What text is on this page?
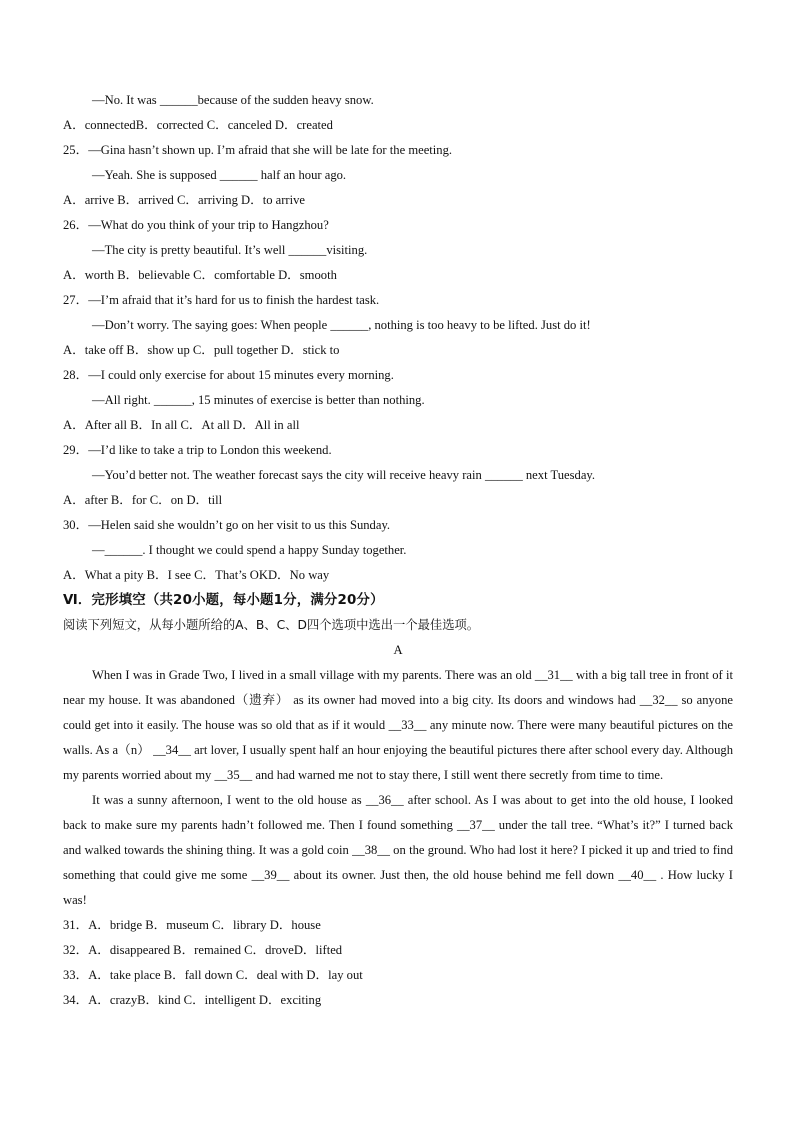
—No. It was ______because of the sudden heavy snow.
A．connectedB．corrected C．canceled D．created
25．—Gina hasn’t shown up. I’m afraid that she will be late for the meeting.
—Yeah. She is supposed ______ half an hour ago.
A．arrive B．arrived C．arriving D．to arrive
26．—What do you think of your trip to Hangzhou?
—The city is pretty beautiful. It’s well ______visiting.
A．worth B．believable C．comfortable D．smooth
27．—I’m afraid that it’s hard for us to finish the hardest task.
—Don’t worry. The saying goes: When people ______, nothing is too heavy to be lifted. Just do it!
A．take off B．show up C．pull together D．stick to
28．—I could only exercise for about 15 minutes every morning.
—All right. ______, 15 minutes of exercise is better than nothing.
A．After all B．In all C．At all D．All in all
29．—I’d like to take a trip to London this weekend.
—You’d better not. The weather forecast says the city will receive heavy rain ______ next Tuesday.
A．after B．for C．on D．till
30．—Helen said she wouldn’t go on her visit to us this Sunday.
—______. I thought we could spend a happy Sunday together.
A．What a pity B．I see C．That’s OKD．No way
Ⅵ．完形填空（共20小题，每小题1分，满分20分）
阅读下列短文，从每小题所给的A、B、C、D四个选项中选出一个最佳选项。
A

When I was in Grade Two, I lived in a small village with my parents. There was an old __31__ with a big tall tree in front of it near my house. It was abandoned（遗弃） as its owner had moved into a big city. Its doors and windows had __32__ so anyone could get into it easily. The house was so old that as if it would __33__ any minute now. There were many beautiful pictures on the walls. As a（n） __34__ art lover, I usually spent half an hour enjoying the beautiful pictures there after school every day. Although my parents worried about my __35__ and had warned me not to stay there, I still went there secretly from time to time.

It was a sunny afternoon, I went to the old house as __36__ after school. As I was about to get into the old house, I looked back to make sure my parents hadn’t followed me. Then I found something __37__ under the tall tree. “What’s it?” I turned back and walked towards the shining thing. It was a gold coin __38__ on the ground. Who had lost it here? I picked it up and tried to find something that could give me some __39__ about its owner. Just then, the old house behind me fell down __40__ . How lucky I was!

31．A．bridge B．museum C．library D．house
32．A．disappeared B．remained C．droveD．lifted
33．A．take place B．fall down C．deal with D．lay out
34．A．crazyB．kind C．intelligent D．exciting
